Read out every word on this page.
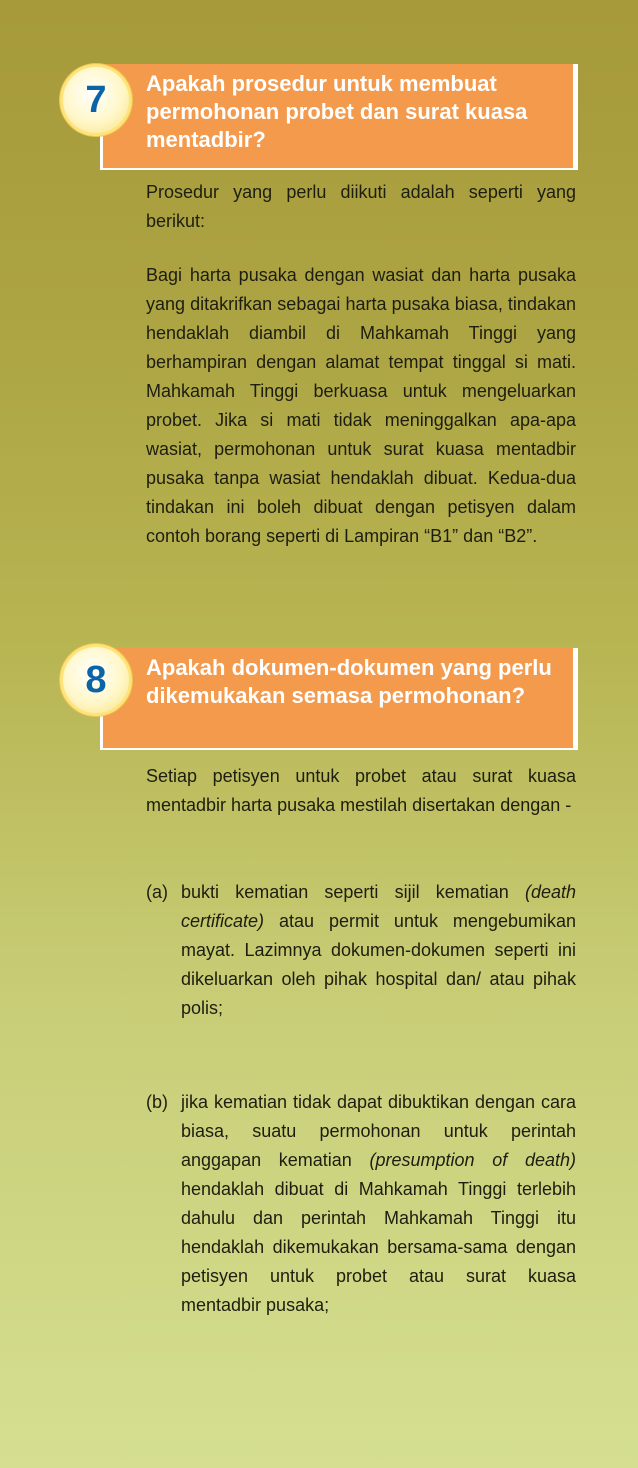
Apakah prosedur untuk membuat permohonan probet dan surat kuasa mentadbir?
7

Prosedur yang perlu diikuti adalah seperti yang berikut:

Bagi harta pusaka dengan wasiat dan harta pusaka yang ditakrifkan sebagai harta pusaka biasa, tindakan hendaklah diambil di Mahkamah Tinggi yang berhampiran dengan alamat tempat tinggal si mati. Mahkamah Tinggi berkuasa untuk mengeluarkan probet. Jika si mati tidak meninggalkan apa-apa wasiat, permohonan untuk surat kuasa mentadbir pusaka tanpa wasiat hendaklah dibuat. Kedua-dua tindakan ini boleh dibuat dengan petisyen dalam contoh borang seperti di Lampiran “B1” dan “B2”.

Apakah dokumen-dokumen yang perlu dikemukakan semasa permohonan?
8

Setiap petisyen untuk probet atau surat kuasa mentadbir harta pusaka mestilah disertakan dengan -

(a) bukti kematian seperti sijil kematian (death certificate) atau permit untuk mengebumikan mayat. Lazimnya dokumen-dokumen seperti ini dikeluarkan oleh pihak hospital dan/ atau pihak polis;

(b) jika kematian tidak dapat dibuktikan dengan cara biasa, suatu permohonan untuk perintah anggapan kematian (presumption of death) hendaklah dibuat di Mahkamah Tinggi terlebih dahulu dan perintah Mahkamah Tinggi itu hendaklah dikemukakan bersama-sama dengan petisyen untuk probet atau surat kuasa mentadbir pusaka;
